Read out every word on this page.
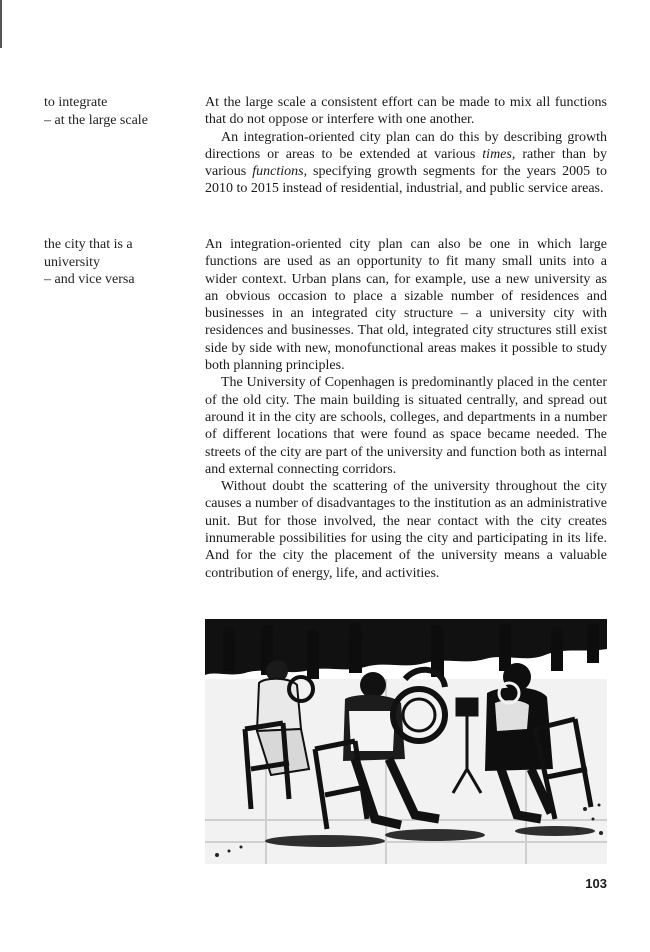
to integrate
– at the large scale

At the large scale a consistent effort can be made to mix all functions that do not oppose or interfere with one another.

An integration-oriented city plan can do this by describing growth directions or areas to be extended at various times, rather than by various functions, specifying growth segments for the years 2005 to 2010 to 2015 instead of residential, industrial, and public service areas.

the city that is a
university
– and vice versa

An integration-oriented city plan can also be one in which large functions are used as an opportunity to fit many small units into a wider context. Urban plans can, for example, use a new university as an obvious occasion to place a sizable number of residences and businesses in an integrated city structure – a university city with residences and businesses. That old, integrated city structures still exist side by side with new, monofunctional areas makes it possible to study both planning principles.

The University of Copenhagen is predominantly placed in the center of the old city. The main building is situated centrally, and spread out around it in the city are schools, colleges, and departments in a number of different locations that were found as space became needed. The streets of the city are part of the university and function both as internal and external connecting corridors.

Without doubt the scattering of the university throughout the city causes a number of disadvantages to the institution as an administrative unit. But for those involved, the near contact with the city creates innumerable possibilities for using the city and participating in its life. And for the city the placement of the university means a valuable contribution of energy, life, and activities.

103
